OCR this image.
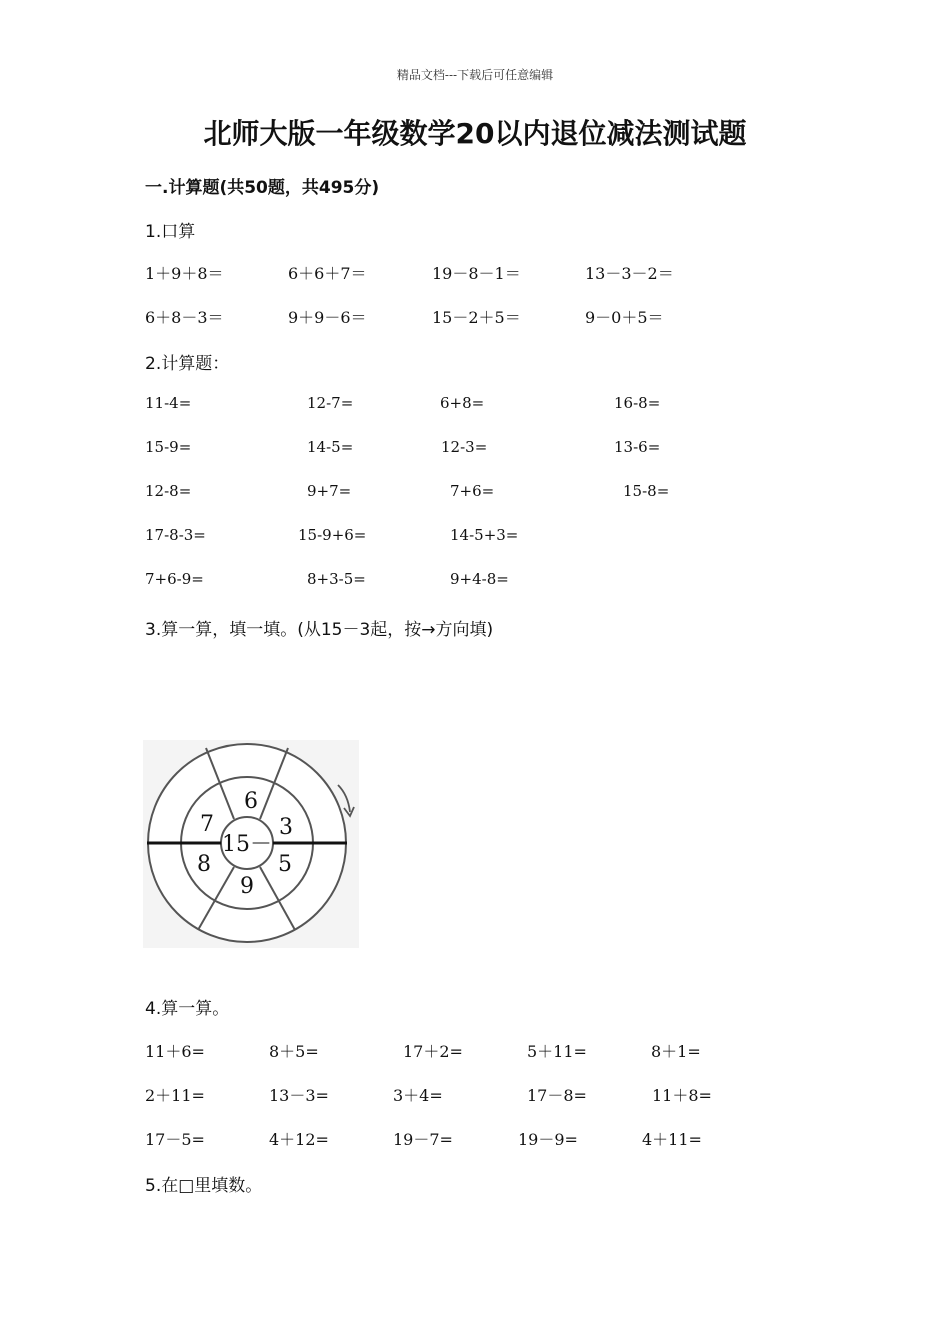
精品文档---下载后可任意编辑
北师大版一年级数学20以内退位减法测试题
一.计算题(共50题，共495分)
1.口算
1＋9＋8＝	6＋6＋7＝	19－8－1＝	13－3－2＝
6＋8－3＝	9＋9－6＝	15－2＋5＝	9－0＋5＝
2.计算题：
11-4=	12-7=	6+8=	16-8=
15-9=	14-5=	12-3=	13-6=
12-8=	9+7=	7+6=	15-8=
17-8-3=	15-9+6=	14-5+3=
7+6-9=	8+3-5=	9+4-8=
3.算一算，填一填。(从15－3起，按→方向填)
15－
6
3
5
9
8
7
4.算一算。
11＋6=	8＋5=	17＋2=	5＋11=	8＋1=
2＋11=	13－3=	3＋4=	17－8=	11＋8=
17－5=	4＋12=	19－7=	19－9=	4＋11=
5.在□里填数。
